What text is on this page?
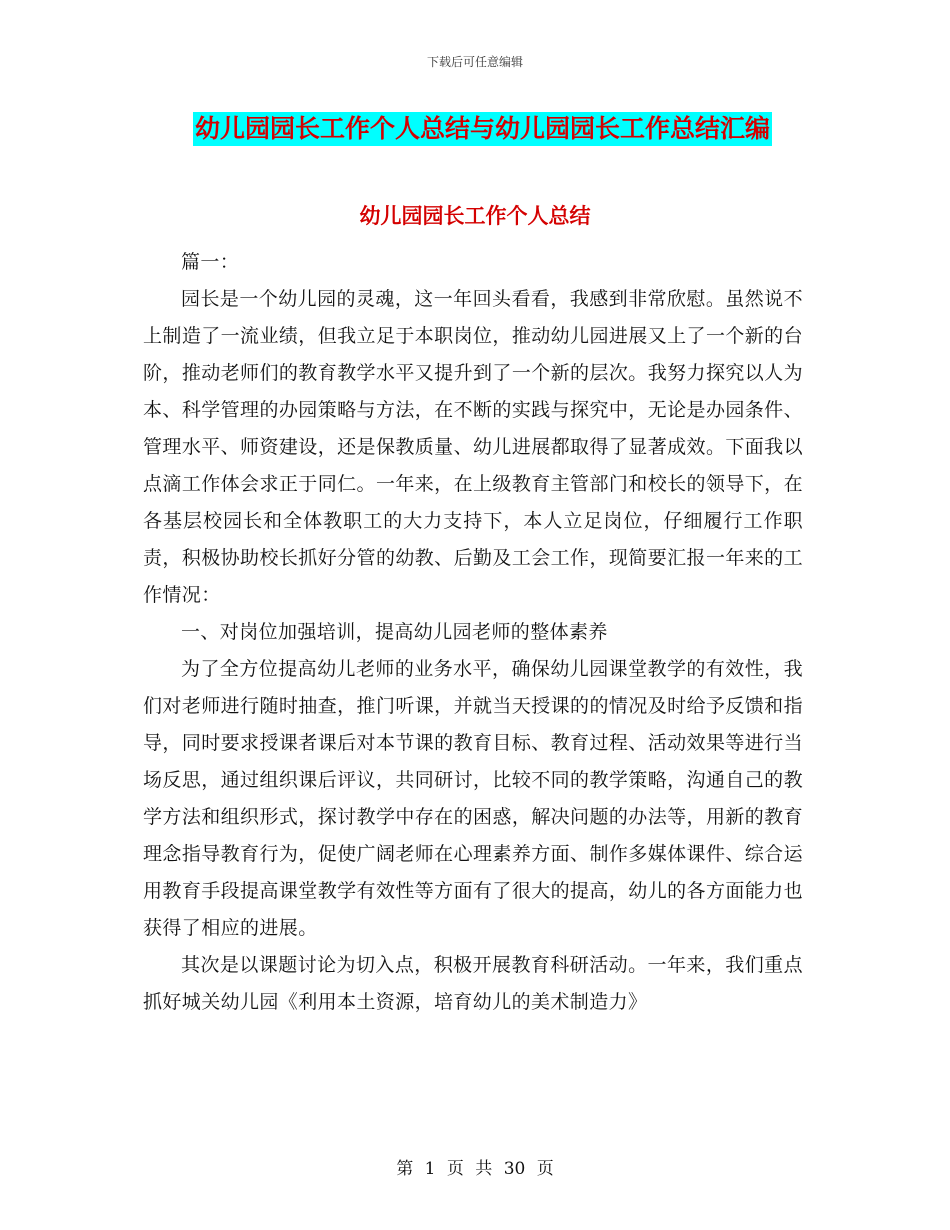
下载后可任意编辑
幼儿园园长工作个人总结与幼儿园园长工作总结汇编
幼儿园园长工作个人总结

篇一：

园长是一个幼儿园的灵魂，这一年回头看看，我感到非常欣慰。虽然说不上制造了一流业绩，但我立足于本职岗位，推动幼儿园进展又上了一个新的台阶，推动老师们的教育教学水平又提升到了一个新的层次。我努力探究以人为本、科学管理的办园策略与方法，在不断的实践与探究中，无论是办园条件、管理水平、师资建设，还是保教质量、幼儿进展都取得了显著成效。下面我以点滴工作体会求正于同仁。一年来，在上级教育主管部门和校长的领导下，在各基层校园长和全体教职工的大力支持下，本人立足岗位，仔细履行工作职责，积极协助校长抓好分管的幼教、后勤及工会工作，现简要汇报一年来的工作情况：

一、对岗位加强培训，提高幼儿园老师的整体素养

为了全方位提高幼儿老师的业务水平，确保幼儿园课堂教学的有效性，我们对老师进行随时抽查，推门听课，并就当天授课的的情况及时给予反馈和指导，同时要求授课者课后对本节课的教育目标、教育过程、活动效果等进行当场反思，通过组织课后评议，共同研讨，比较不同的教学策略，沟通自己的教学方法和组织形式，探讨教学中存在的困惑，解决问题的办法等，用新的教育理念指导教育行为，促使广阔老师在心理素养方面、制作多媒体课件、综合运用教育手段提高课堂教学有效性等方面有了很大的提高，幼儿的各方面能力也获得了相应的进展。

其次是以课题讨论为切入点，积极开展教育科研活动。一年来，我们重点抓好城关幼儿园《利用本土资源，培育幼儿的美术制造力》

第 1 页 共 30 页
